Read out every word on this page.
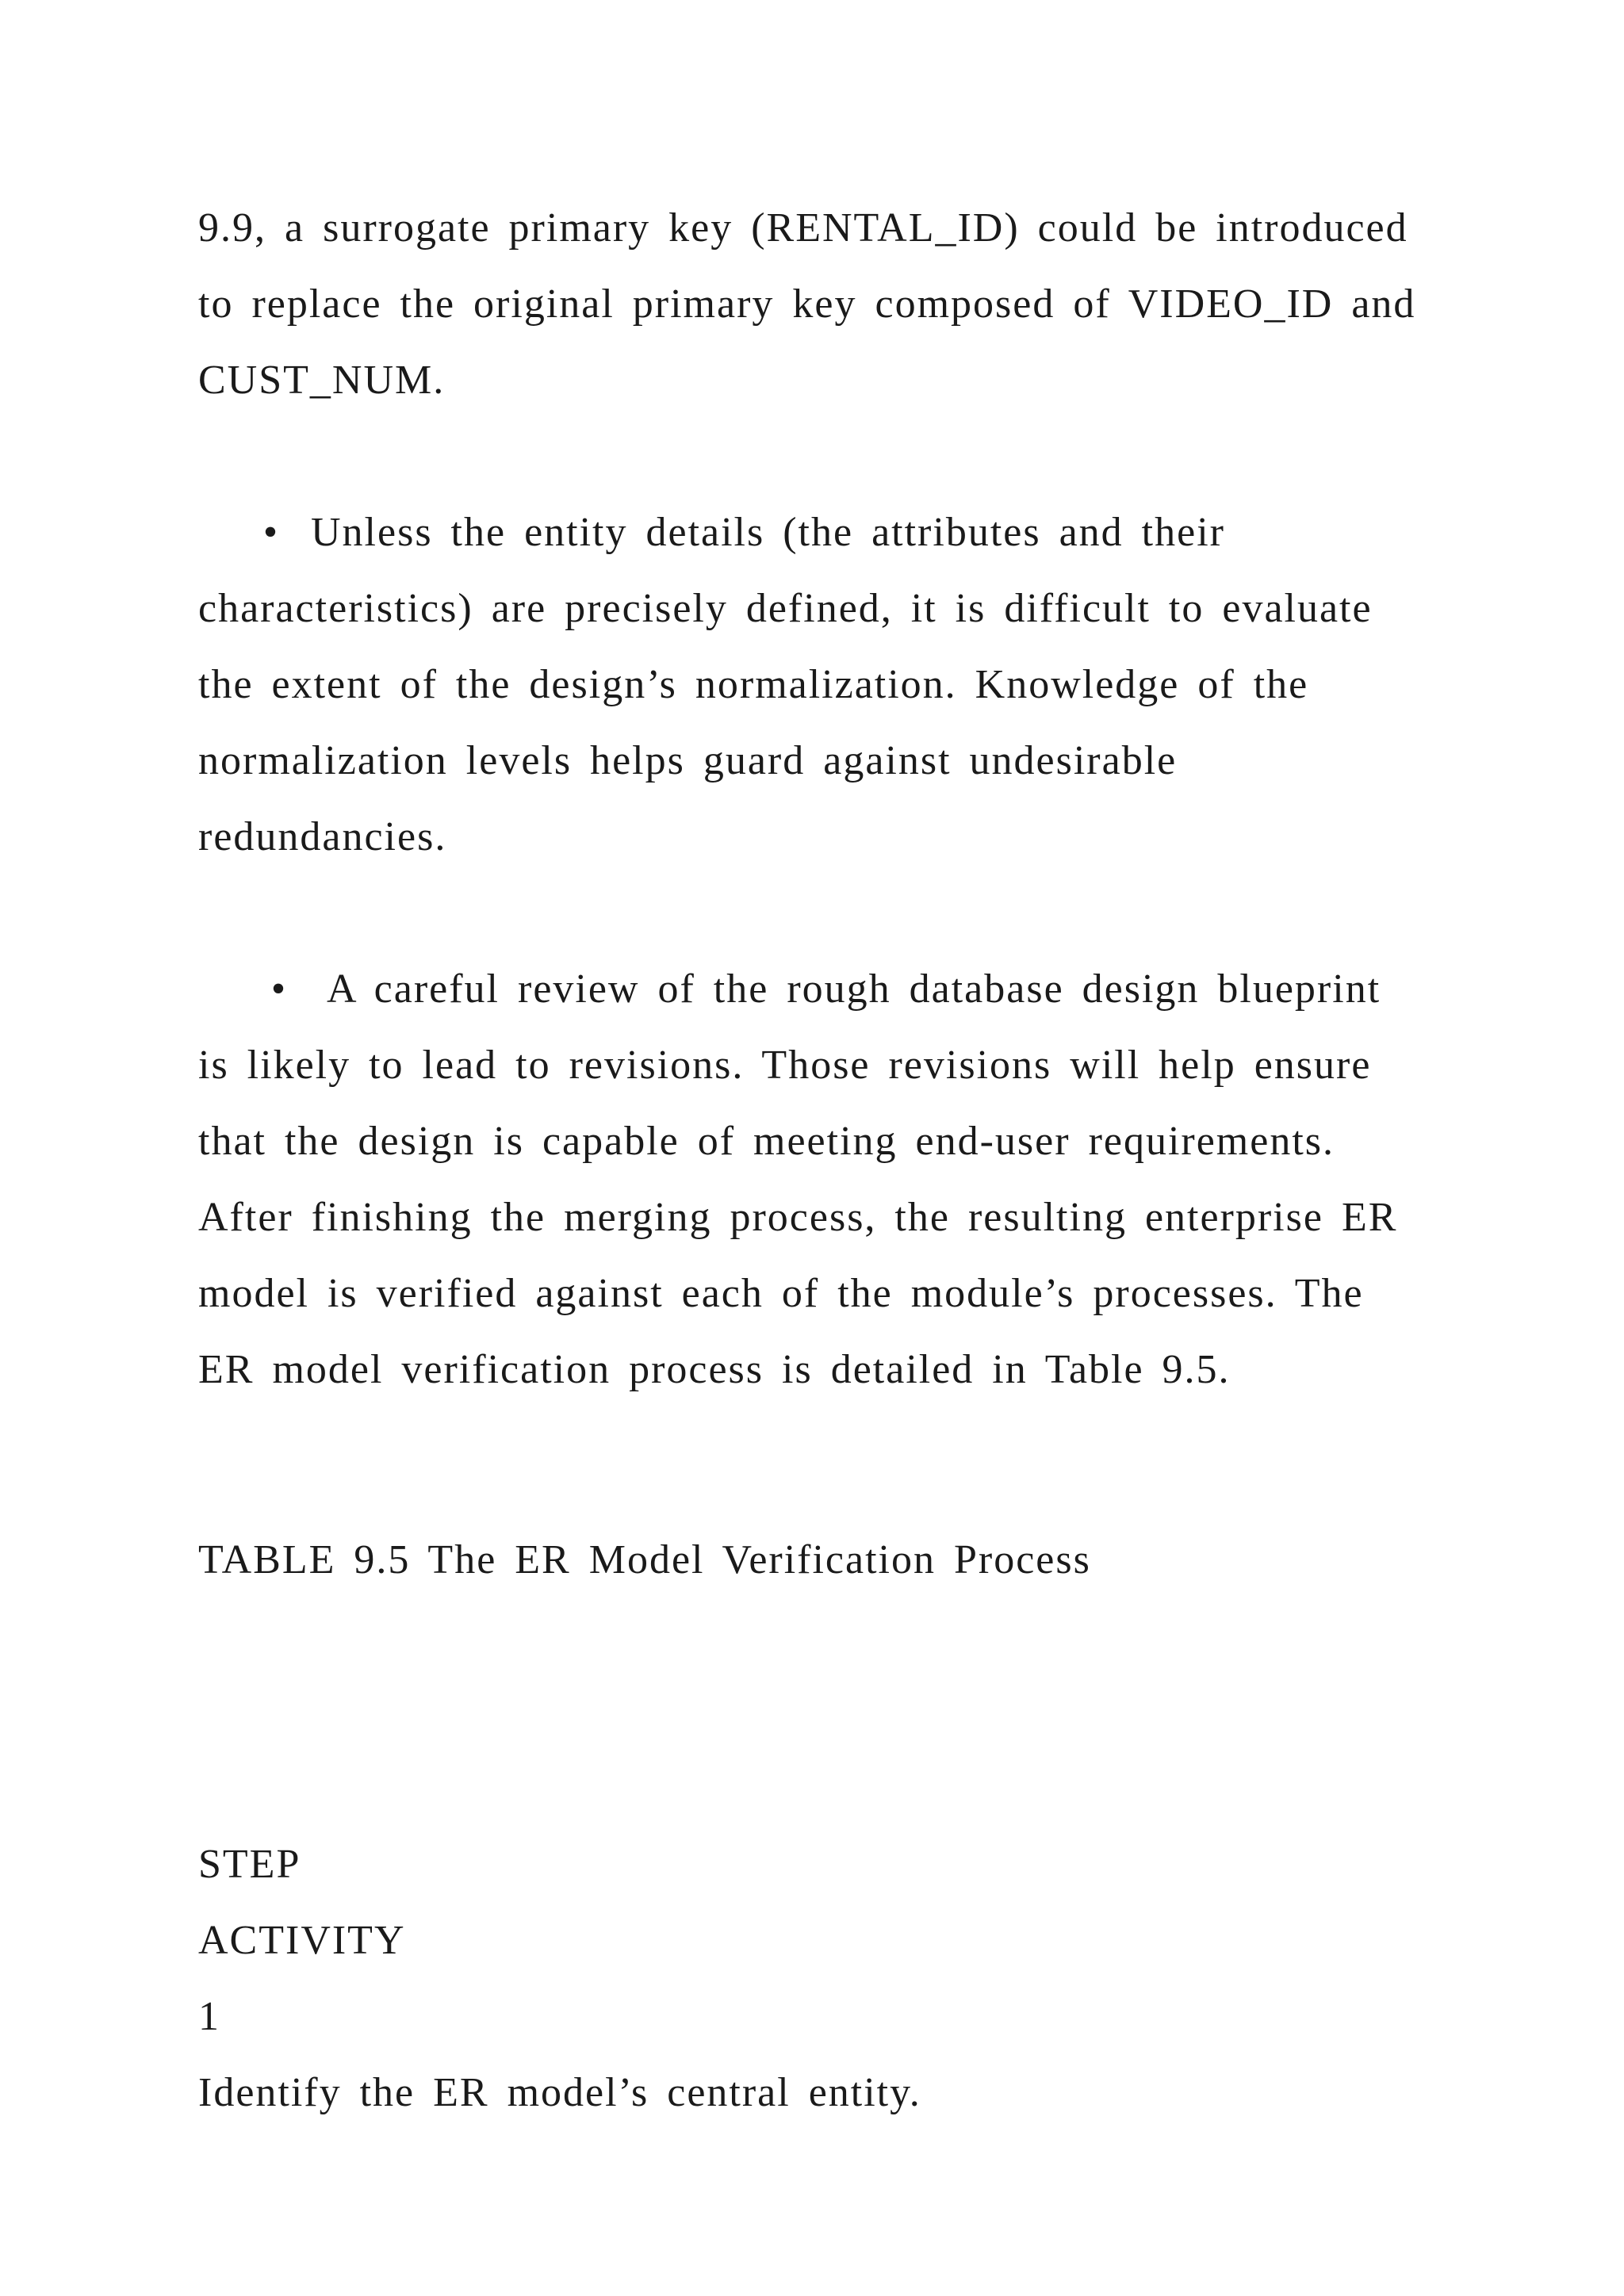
9.9, a surrogate primary key (RENTAL_ID) could be introduced
to replace the original primary key composed of VIDEO_ID and
CUST_NUM.
• Unless the entity details (the attributes and their
characteristics) are precisely defined, it is difficult to evaluate
the extent of the design’s normalization. Knowledge of the
normalization levels helps guard against undesirable
redundancies.
• A careful review of the rough database design blueprint
is likely to lead to revisions. Those revisions will help ensure
that the design is capable of meeting end-user requirements.
After finishing the merging process, the resulting enterprise ER
model is verified against each of the module’s processes. The
ER model verification process is detailed in Table 9.5.
TABLE 9.5 The ER Model Verification Process
STEP
ACTIVITY
1
Identify the ER model’s central entity.
